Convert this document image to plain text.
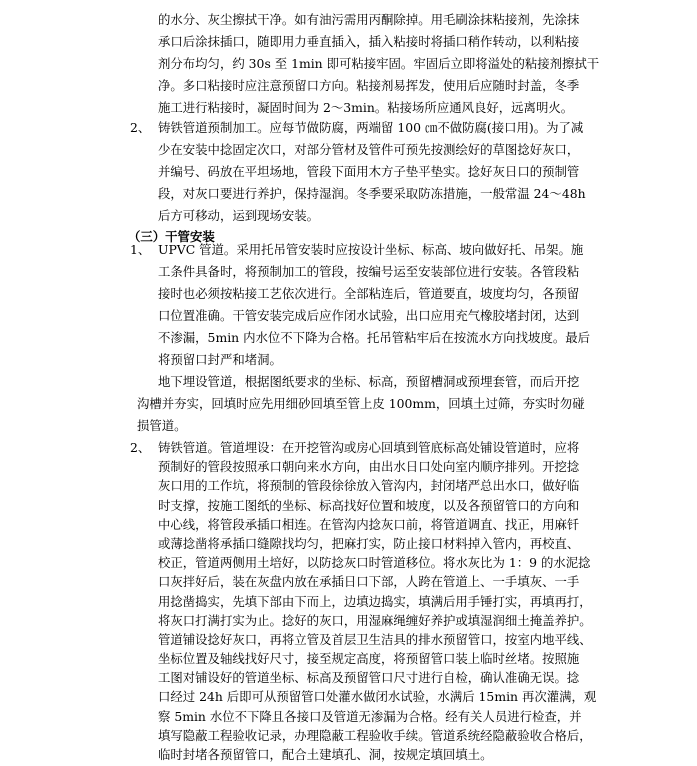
的水分、灰尘擦拭干净。如有油污需用丙酮除掉。用毛刷涂抹粘接剂，先涂抹
承口后涂抹插口，随即用力垂直插入，插入粘接时将插口稍作转动，以利粘接
剂分布均匀，约 30s 至 1min 即可粘接牢固。牢固后立即将溢处的粘接剂擦拭干
净。多口粘接时应注意预留口方向。粘接剂易挥发，使用后应随时封盖，冬季
施工进行粘接时，凝固时间为 2～3min。粘接场所应通风良好，远离明火。
2、 铸铁管道预制加工。应每节做防腐，两端留 100 ㎝不做防腐(接口用)。为了减
少在安装中捻固定次口，对部分管材及管件可预先按测绘好的草图捻好灰口，
并编号、码放在平坦场地，管段下面用木方子垫平垫实。捻好灰日口的预制管
段，对灰口要进行养护，保持湿润。冬季要采取防冻措施，一般常温 24～48h
后方可移动，运到现场安装。
（三）干管安装
1、 UPVC 管道。采用托吊管安装时应按设计坐标、标高、坡向做好托、吊架。施
工条件具备时，将预制加工的管段，按编号运至安装部位进行安装。各管段粘
接时也必须按粘接工艺依次进行。全部粘连后，管道要直，坡度均匀，各预留
口位置准确。干管安装完成后应作闭水试验，出口应用充气橡胶堵封闭，达到
不渗漏，5min 内水位不下降为合格。托吊管粘牢后在按流水方向找坡度。最后
将预留口封严和堵洞。
地下埋设管道，根据图纸要求的坐标、标高，预留槽洞或预埋套管，而后开挖
沟槽并夯实，回填时应先用细砂回填至管上皮 100mm，回填土过筛，夯实时勿碰
损管道。
2、 铸铁管道。管道埋设：在开挖管沟或房心回填到管底标高处铺设管道时，应将
预制好的管段按照承口朝向来水方向，由出水日口处向室内顺序排列。开挖捻
灰口用的工作坑，将预制的管段徐徐放入管沟内，封闭堵严总出水口，做好临
时支撑，按施工图纸的坐标、标高找好位置和坡度，以及各预留管口的方向和
中心线，将管段承插口相连。在管沟内捻灰口前，将管道调直、找正，用麻钎
或薄捻凿将承插口缝隙找均匀，把麻打实，防止接口材料掉入管内，再校直、
校正，管道两侧用土培好，以防捻灰口时管道移位。将水灰比为 1：9 的水泥捻
口灰拌好后，装在灰盘内放在承插日口下部，人跨在管道上、一手填灰、一手
用捻凿捣实，先填下部由下而上，边填边捣实，填满后用手锤打实，再填再打，
将灰口打满打实为止。捻好的灰口，用湿麻绳缠好养护或填湿润细土掩盖养护。
管道铺设捻好灰口，再将立管及首层卫生洁具的排水预留管口，按室内地平线、
坐标位置及轴线找好尺寸，接至规定高度，将预留管口装上临时丝堵。按照施
工图对铺设好的管道坐标、标高及预留管口尺寸进行自检，确认准确无误。捻
口经过 24h 后即可从预留管口处灌水做闭水试验，水满后 15min 再次灌满，观
察 5min 水位不下降且各接口及管道无渗漏为合格。经有关人员进行检查，并
填写隐蔽工程验收记录，办理隐蔽工程验收手续。管道系统经隐蔽验收合格后，
临时封堵各预留管口，配合土建填孔、洞，按规定填回填土。
